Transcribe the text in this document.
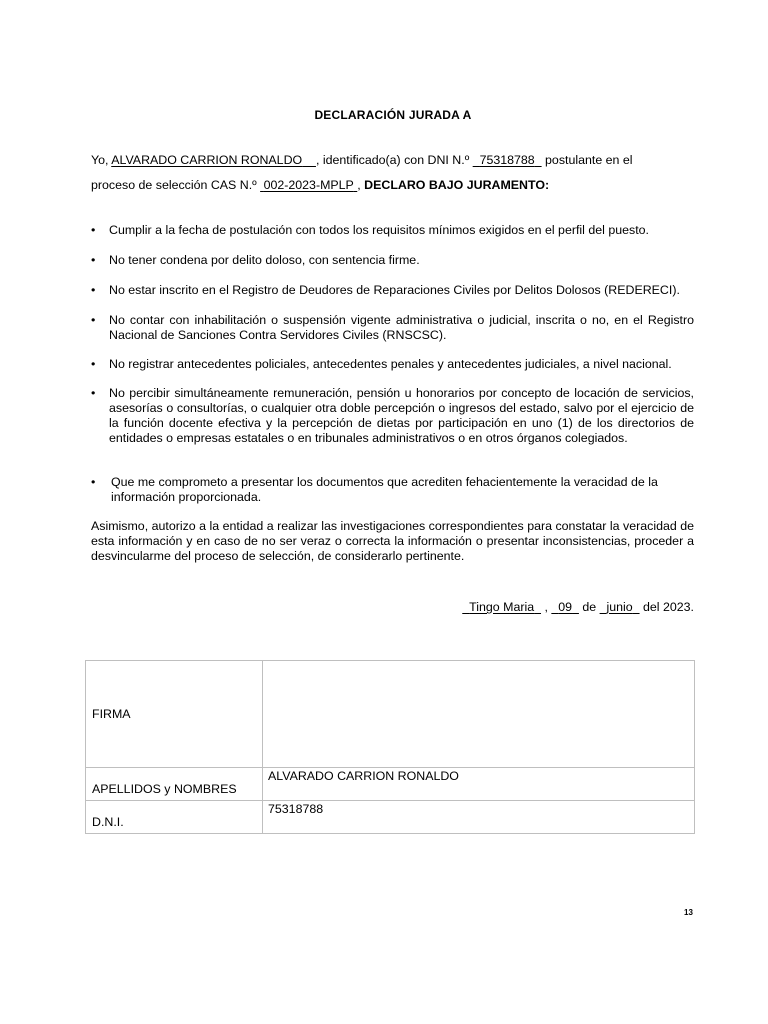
DECLARACIÓN JURADA A
Yo, ALVARADO CARRION RONALDO , identificado(a) con DNI N.º   75318788   postulante en el
proceso de selección CAS N.º  002-2023-MPLP , DECLARO BAJO JURAMENTO:
• Cumplir a la fecha de postulación con todos los requisitos mínimos exigidos en el perfil del puesto.
• No tener condena por delito doloso, con sentencia firme.
• No estar inscrito en el Registro de Deudores de Reparaciones Civiles por Delitos Dolosos (REDERECI).
• No contar con inhabilitación o suspensión vigente administrativa o judicial, inscrita o no, en el Registro Nacional de Sanciones Contra Servidores Civiles (RNSCSC).
• No registrar antecedentes policiales, antecedentes penales y antecedentes judiciales, a nivel nacional.
• No percibir simultáneamente remuneración, pensión u honorarios por concepto de locación de servicios, asesorías o consultorías, o cualquier otra doble percepción o ingresos del estado, salvo por el ejercicio de la función docente efectiva y la percepción de dietas por participación en uno (1) de los directorios de entidades o empresas estatales o en tribunales administrativos o en otros órganos colegiados.
• Que me comprometo a presentar los documentos que acrediten fehacientemente la veracidad de la información proporcionada.

Asimismo, autorizo a la entidad a realizar las investigaciones correspondientes para constatar la veracidad de esta información y en caso de no ser veraz o correcta la información o presentar inconsistencias, proceder a desvincularme del proceso de selección, de considerarlo pertinente.

Tingo Maria   ,   09   de   junio   del 2023.
FIRMA	
APELLIDOS y NOMBRES	ALVARADO CARRION RONALDO
D.N.I.	75318788
13
